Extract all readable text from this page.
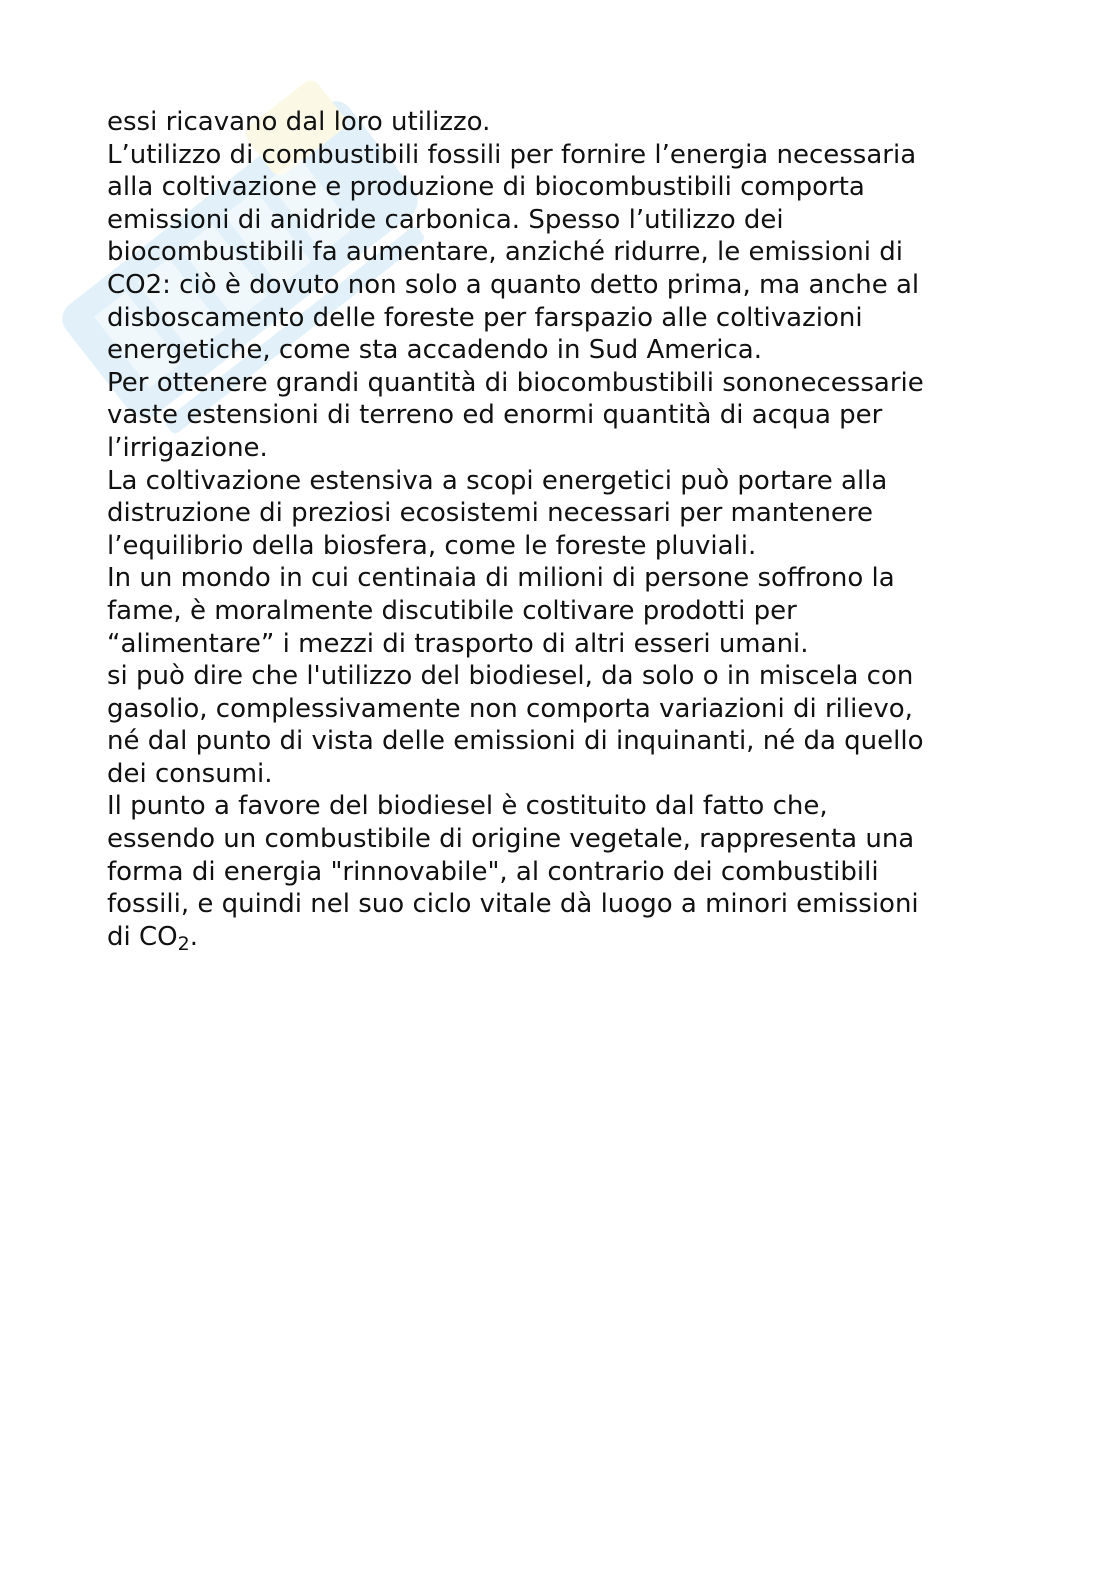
essi ricavano dal loro utilizzo.
L’utilizzo di combustibili fossili per fornire l’energia necessaria
alla coltivazione e produzione di biocombustibili comporta
emissioni di anidride carbonica. Spesso l’utilizzo dei
biocombustibili fa aumentare, anziché ridurre, le emissioni di
CO2: ciò è dovuto non solo a quanto detto prima, ma anche al
disboscamento delle foreste per farspazio alle coltivazioni
energetiche, come sta accadendo in Sud America.
Per ottenere grandi quantità di biocombustibili sononecessarie
vaste estensioni di terreno ed enormi quantità di acqua per
l’irrigazione.
La coltivazione estensiva a scopi energetici può portare alla
distruzione di preziosi ecosistemi necessari per mantenere
l’equilibrio della biosfera, come le foreste pluviali.
In un mondo in cui centinaia di milioni di persone soffrono la
fame, è moralmente discutibile coltivare prodotti per
“alimentare” i mezzi di trasporto di altri esseri umani.
si può dire che l'utilizzo del biodiesel, da solo o in miscela con
gasolio, complessivamente non comporta variazioni di rilievo,
né dal punto di vista delle emissioni di inquinanti, né da quello
dei consumi.
Il punto a favore del biodiesel è costituito dal fatto che,
essendo un combustibile di origine vegetale, rappresenta una
forma di energia "rinnovabile", al contrario dei combustibili
fossili, e quindi nel suo ciclo vitale dà luogo a minori emissioni
di $CO_2$.
